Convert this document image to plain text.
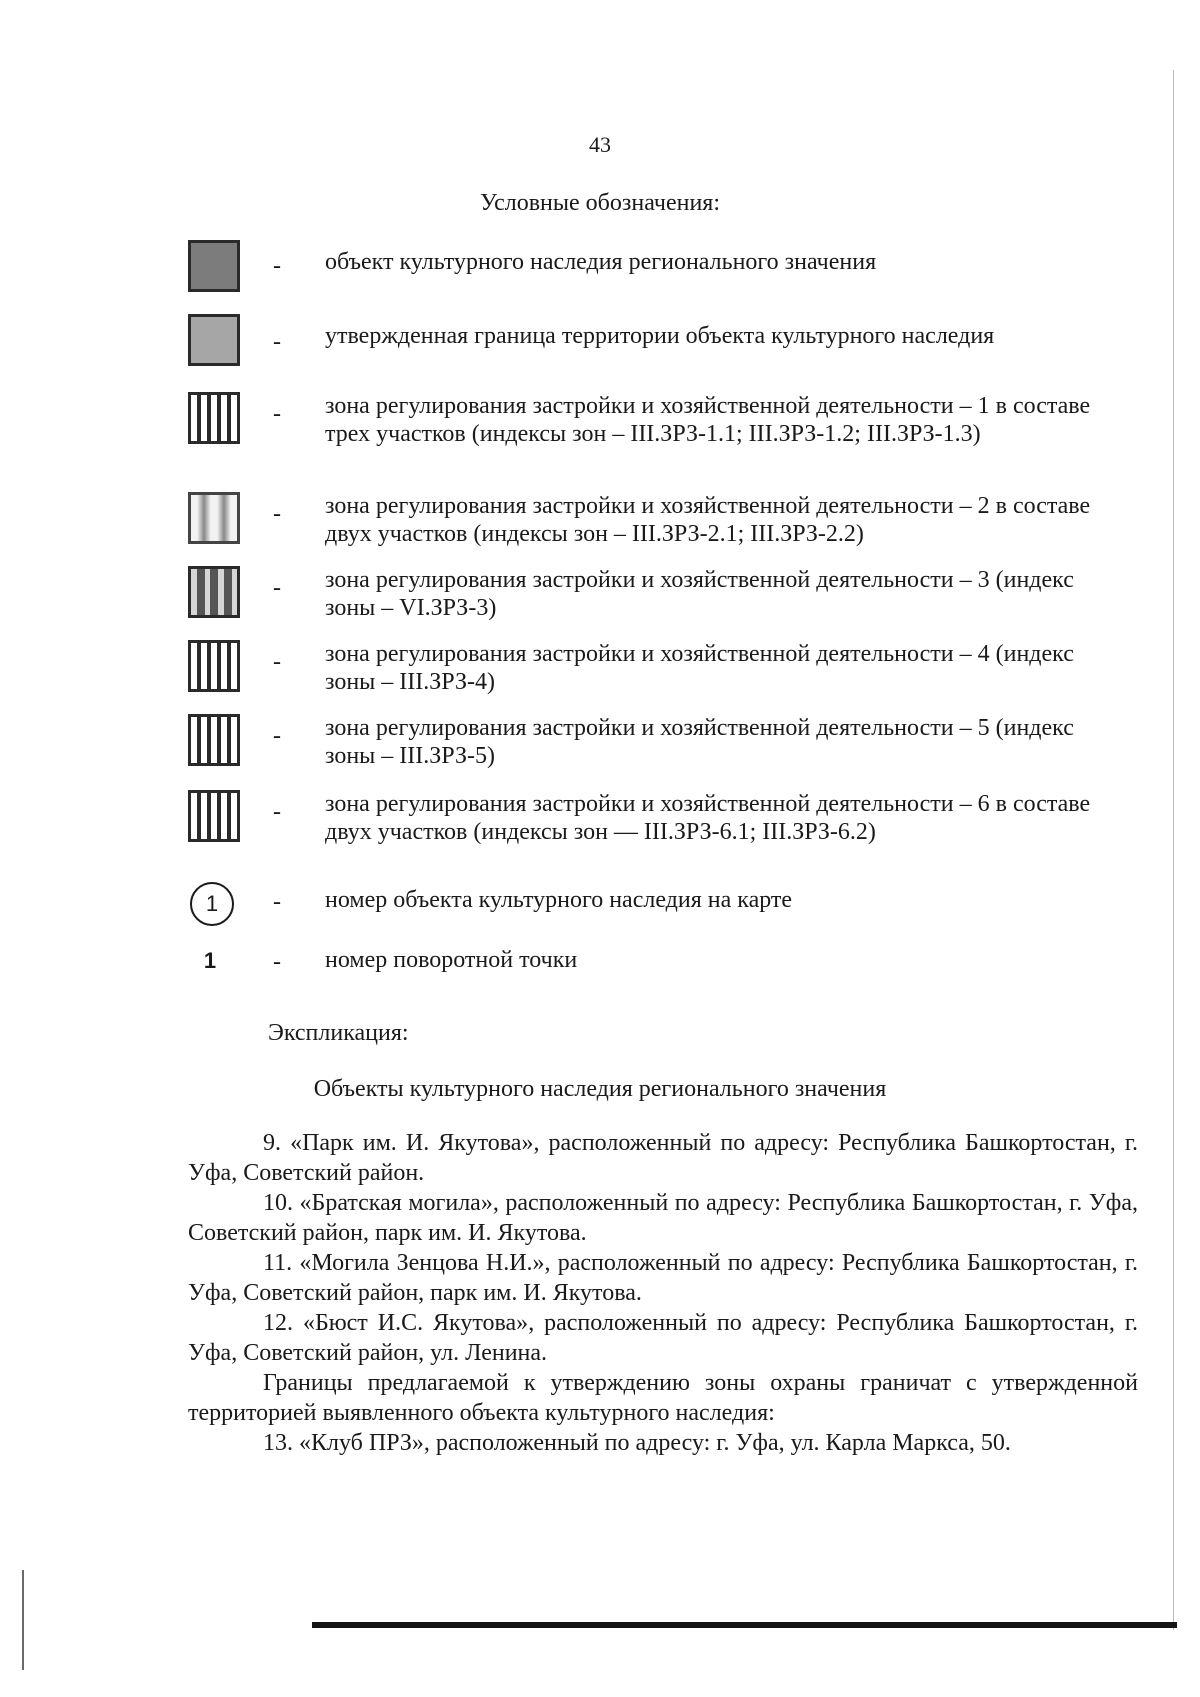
43
Условные обозначения:
- объект культурного наследия регионального значения
- утвержденная граница территории объекта культурного наследия
- зона регулирования застройки и хозяйственной деятельности – 1 в составе трех участков (индексы зон – III.ЗРЗ-1.1; III.ЗРЗ-1.2; III.ЗРЗ-1.3)
- зона регулирования застройки и хозяйственной деятельности – 2 в составе двух участков (индексы зон – III.ЗРЗ-2.1; III.ЗРЗ-2.2)
- зона регулирования застройки и хозяйственной деятельности – 3 (индекс зоны – VI.ЗРЗ-3)
- зона регулирования застройки и хозяйственной деятельности – 4 (индекс зоны – III.ЗРЗ-4)
- зона регулирования застройки и хозяйственной деятельности – 5 (индекс зоны – III.ЗРЗ-5)
- зона регулирования застройки и хозяйственной деятельности – 6 в составе двух участков (индексы зон — III.ЗРЗ-6.1; III.ЗРЗ-6.2)
1	- номер объекта культурного наследия на карте
1	- номер поворотной точки
Экспликация:
Объекты культурного наследия регионального значения

9. «Парк им. И. Якутова», расположенный по адресу: Республика Башкортостан, г. Уфа, Советский район.

10. «Братская могила», расположенный по адресу: Республика Башкортостан, г. Уфа, Советский район, парк им. И. Якутова.

11. «Могила Зенцова Н.И.», расположенный по адресу: Республика Башкортостан, г. Уфа, Советский район, парк им. И. Якутова.

12. «Бюст И.С. Якутова», расположенный по адресу: Республика Башкортостан, г. Уфа, Советский район, ул. Ленина.

Границы предлагаемой к утверждению зоны охраны граничат с утвержденной территорией выявленного объекта культурного наследия:

13. «Клуб ПРЗ», расположенный по адресу: г. Уфа, ул. Карла Маркса, 50.
